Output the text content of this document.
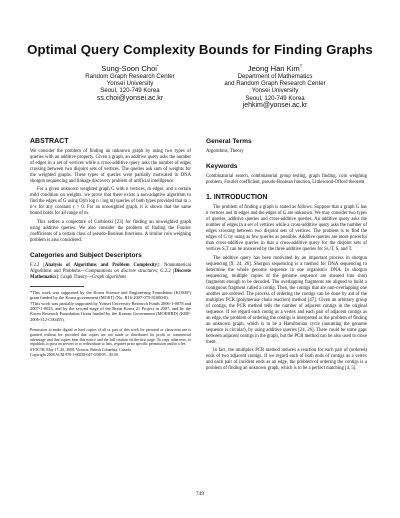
Optimal Query Complexity Bounds for Finding Graphs
Sung-Soon Choi*
Random Graph Research Center
Yonsei University
Seoul, 120-749 Korea
ss.choi@yonsei.ac.kr
Jeong Han Kim†
Department of Mathematics
and Random Graph Research Center
Yonsei University
Seoul, 120-749 Korea
jehkim@yonsei.ac.kr
ABSTRACT

We consider the problem of finding an unknown graph by using two types of queries with an additive property. Given a graph, an additive query asks the number of edges in a set of vertices while a cross-additive query asks the number of edges crossing between two disjoint sets of vertices. The queries ask sum of weights for the weighted graphs. These types of queries were partially motivated in DNA shotgun sequencing and linkage discovery problem of artificial intelligence.

For a given unknown weighted graph G with n vertices, m edges, and a certain mild condition on weights, we prove that there exists a non-adaptive algorithm to find the edges of G using O(m log n / log m) queries of both types provided that m ≥ n^ε for any constant ε > 0. For an unweighted graph, it is shown that the same bound holds for all range of m.

This settles a conjecture of Grebinski [23] for finding an unweighted graph using additive queries. We also consider the problem of finding the Fourier coefficients of a certain class of pseudo-Boolean functions. A similar coin weighing problem is also considered.

Categories and Subject Descriptors

F.2.2 [Analysis of Algorithms and Problem Complexity]: Nonnumerical Algorithms and Problems—Computations on discrete structures; G.2.2 [Discrete Mathematics]: Graph Theory—Graph algorithms

*This work was supported by the Korea Science and Engineering Foundation (KOSEF) grant funded by the Korea government (MOST) (No. R16-2007-075-01000-0).

†This work was partially supported by Yonsei University Research Funds 2006-1-0078 and 2007-1-0025, and by the second stage of the Brain Korea 21 Project in 2007, and by the Korea Research Foundation Grant funded by the Korean Government (MOEHRD) (KRF-2006-312-C00455).

Permission to make digital or hard copies of all or part of this work for personal or classroom use is granted without fee provided that copies are not made or distributed for profit or commercial advantage and that copies bear this notice and the full citation on the first page. To copy otherwise, to republish, to post on servers or to redistribute to lists, requires prior specific permission and/or a fee.

STOC'08, May 17–20, 2008, Victoria, British Columbia, Canada.

Copyright 2008 ACM 978-1-60558-047-0/08/05 ...$5.00.

General Terms

Algorithms, Theory

Keywords

Combinatorial search, combinatorial group testing, graph finding, coin weighing problem, Fourier coefficient, pseudo-Boolean function, Littlewood-Offord theorem

1. INTRODUCTION

The problem of finding a graph is stated as follows. Suppose that a graph G has n vertices and m edges and the edges of G are unknown. We may consider two types of queries, additive queries and cross-additive queries. An additive query asks the number of edges in a set of vertices while a cross-additive query asks the number of edges crossing between two disjoint sets of vertices. The problem is to find the edges of G by using as few queries as possible. Additive queries are more powerful than cross-additive queries in that a cross-additive query for the disjoint sets of vertices S,T can be answered by the three additive queries for S∪T, S, and T.

The additive query has been motivated by an important process in shotgun sequencing [9, 24, 26]. Shotgun sequencing is a method for DNA sequencing to determine the whole genome sequence in one organism's DNA. In shotgun sequencing, multiple copies of the genome sequence are sheared into short fragments enough to be decoded. The overlapping fragments are aligned to build a contiguous fragment called a contig. Then, the contigs that are non-overlapping one another are ordered. The process of ordering the contigs can be done by aid of the multiplex PCR (polymerase chain reaction) method [47]. Given an arbitrary group of contigs, the PCR method tells the number of adjacent contigs in the original sequence. If we regard each contig as a vertex and each pair of adjacent contigs as an edge, the problem of ordering the contigs is interpreted as the problem of finding an unknown graph, which is to be a Hamiltonian cycle (assuming the genome sequence is circular), by using additive queries [24, 26]. There could be some gaps between adjacent contigs in the graph, but the PCR method can be also used to close them.

In fact, the multiplex PCR method induces a reaction for each pair of (ordered) ends of two adjacent contigs. If we regard each of both ends of contigs as a vertex and each pair of incident ends as an edge, the problem of ordering the contigs is a problem of finding an unknown graph, which is to be a perfect matching [4, 5].

749
